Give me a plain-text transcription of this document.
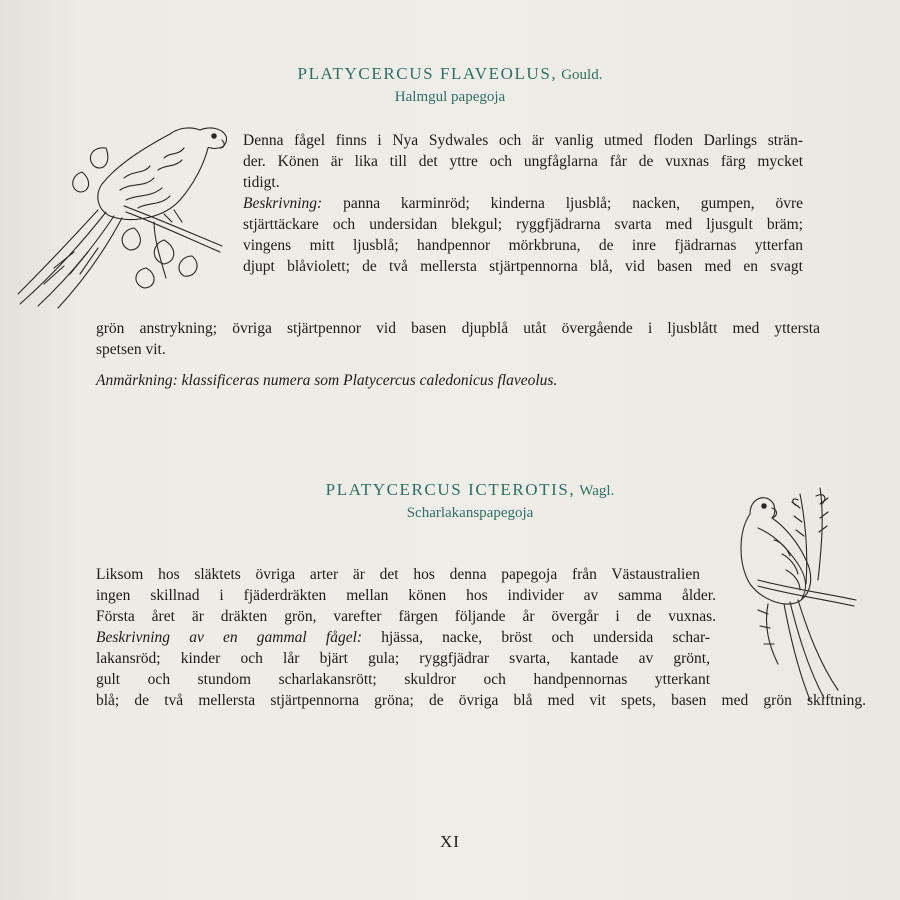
PLATYCERCUS FLAVEOLUS, Gould.
Halmgul papegoja
Denna fågel finns i Nya Sydwales och är vanlig utmed floden Darlings strän-
der. Könen är lika till det yttre och ungfåglarna får de vuxnas färg mycket
tidigt.
Beskrivning: panna karminröd; kinderna ljusblå; nacken, gumpen, övre
stjärttäckare och undersidan blekgul; ryggfjädrarna svarta med ljusgult bräm;
vingens mitt ljusblå; handpennor mörkbruna, de inre fjädrarnas ytterfan
djupt blåviolett; de två mellersta stjärtpennorna blå, vid basen med en svagt
grön anstrykning; övriga stjärtpennor vid basen djupblå utåt övergående i ljusblått med yttersta
spetsen vit.
Anmärkning: klassificeras numera som Platycercus caledonicus flaveolus.
PLATYCERCUS ICTEROTIS, Wagl.
Scharlakanspapegoja
Liksom hos släktets övriga arter är det hos denna papegoja från Västaustralien
ingen skillnad i fjäderdräkten mellan könen hos individer av samma ålder.
Första året är dräkten grön, varefter färgen följande år övergår i de vuxnas.
Beskrivning av en gammal fågel: hjässa, nacke, bröst och undersida schar-
lakansröd; kinder och lår bjärt gula; ryggfjädrar svarta, kantade av grönt,
gult och stundom scharlakansrött; skuldror och handpennornas ytterkant
blå; de två mellersta stjärtpennorna gröna; de övriga blå med vit spets, basen med grön skiftning.
XI
